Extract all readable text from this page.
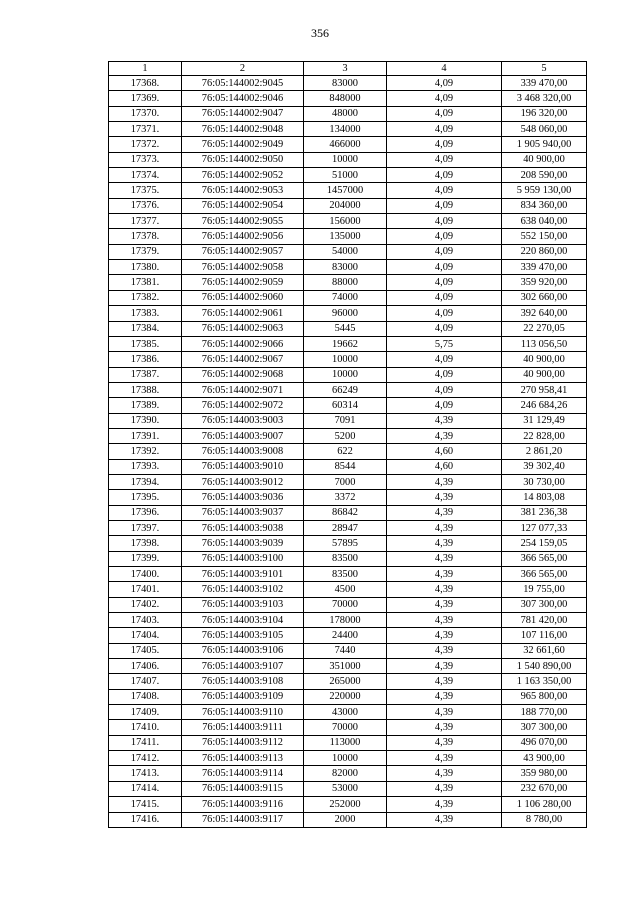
356
1	2	3	4	5
17368.	76:05:144002:9045	83000	4,09	339 470,00
17369.	76:05:144002:9046	848000	4,09	3 468 320,00
17370.	76:05:144002:9047	48000	4,09	196 320,00
17371.	76:05:144002:9048	134000	4,09	548 060,00
17372.	76:05:144002:9049	466000	4,09	1 905 940,00
17373.	76:05:144002:9050	10000	4,09	40 900,00
17374.	76:05:144002:9052	51000	4,09	208 590,00
17375.	76:05:144002:9053	1457000	4,09	5 959 130,00
17376.	76:05:144002:9054	204000	4,09	834 360,00
17377.	76:05:144002:9055	156000	4,09	638 040,00
17378.	76:05:144002:9056	135000	4,09	552 150,00
17379.	76:05:144002:9057	54000	4,09	220 860,00
17380.	76:05:144002:9058	83000	4,09	339 470,00
17381.	76:05:144002:9059	88000	4,09	359 920,00
17382.	76:05:144002:9060	74000	4,09	302 660,00
17383.	76:05:144002:9061	96000	4,09	392 640,00
17384.	76:05:144002:9063	5445	4,09	22 270,05
17385.	76:05:144002:9066	19662	5,75	113 056,50
17386.	76:05:144002:9067	10000	4,09	40 900,00
17387.	76:05:144002:9068	10000	4,09	40 900,00
17388.	76:05:144002:9071	66249	4,09	270 958,41
17389.	76:05:144002:9072	60314	4,09	246 684,26
17390.	76:05:144003:9003	7091	4,39	31 129,49
17391.	76:05:144003:9007	5200	4,39	22 828,00
17392.	76:05:144003:9008	622	4,60	2 861,20
17393.	76:05:144003:9010	8544	4,60	39 302,40
17394.	76:05:144003:9012	7000	4,39	30 730,00
17395.	76:05:144003:9036	3372	4,39	14 803,08
17396.	76:05:144003:9037	86842	4,39	381 236,38
17397.	76:05:144003:9038	28947	4,39	127 077,33
17398.	76:05:144003:9039	57895	4,39	254 159,05
17399.	76:05:144003:9100	83500	4,39	366 565,00
17400.	76:05:144003:9101	83500	4,39	366 565,00
17401.	76:05:144003:9102	4500	4,39	19 755,00
17402.	76:05:144003:9103	70000	4,39	307 300,00
17403.	76:05:144003:9104	178000	4,39	781 420,00
17404.	76:05:144003:9105	24400	4,39	107 116,00
17405.	76:05:144003:9106	7440	4,39	32 661,60
17406.	76:05:144003:9107	351000	4,39	1 540 890,00
17407.	76:05:144003:9108	265000	4,39	1 163 350,00
17408.	76:05:144003:9109	220000	4,39	965 800,00
17409.	76:05:144003:9110	43000	4,39	188 770,00
17410.	76:05:144003:9111	70000	4,39	307 300,00
17411.	76:05:144003:9112	113000	4,39	496 070,00
17412.	76:05:144003:9113	10000	4,39	43 900,00
17413.	76:05:144003:9114	82000	4,39	359 980,00
17414.	76:05:144003:9115	53000	4,39	232 670,00
17415.	76:05:144003:9116	252000	4,39	1 106 280,00
17416.	76:05:144003:9117	2000	4,39	8 780,00
